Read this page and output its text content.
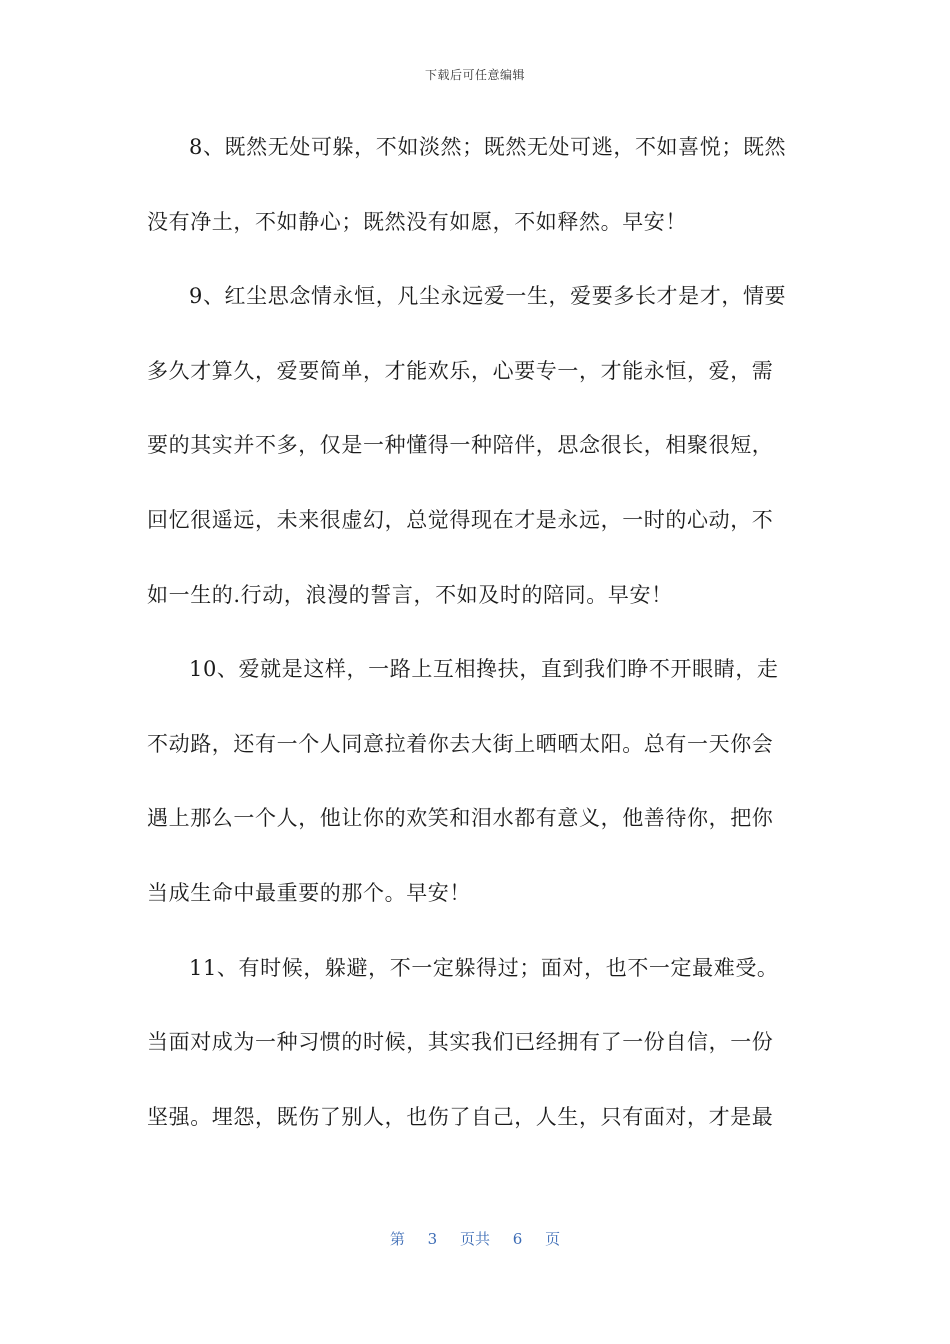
下载后可任意编辑
8、既然无处可躲，不如淡然；既然无处可逃，不如喜悦；既然
没有净土，不如静心；既然没有如愿，不如释然。早安！
9、红尘思念情永恒，凡尘永远爱一生，爱要多长才是才，情要
多久才算久，爱要简单，才能欢乐，心要专一，才能永恒，爱，需
要的其实并不多，仅是一种懂得一种陪伴，思念很长，相聚很短，
回忆很遥远，未来很虚幻，总觉得现在才是永远，一时的心动，不
如一生的.行动，浪漫的誓言，不如及时的陪同。早安！
10、爱就是这样，一路上互相搀扶，直到我们睁不开眼睛，走
不动路，还有一个人同意拉着你去大街上晒晒太阳。总有一天你会
遇上那么一个人，他让你的欢笑和泪水都有意义，他善待你，把你
当成生命中最重要的那个。早安！
11、有时候，躲避，不一定躲得过；面对，也不一定最难受。
当面对成为一种习惯的时候，其实我们已经拥有了一份自信，一份
坚强。埋怨，既伤了别人，也伤了自己，人生，只有面对，才是最
第 3 页共 6 页
